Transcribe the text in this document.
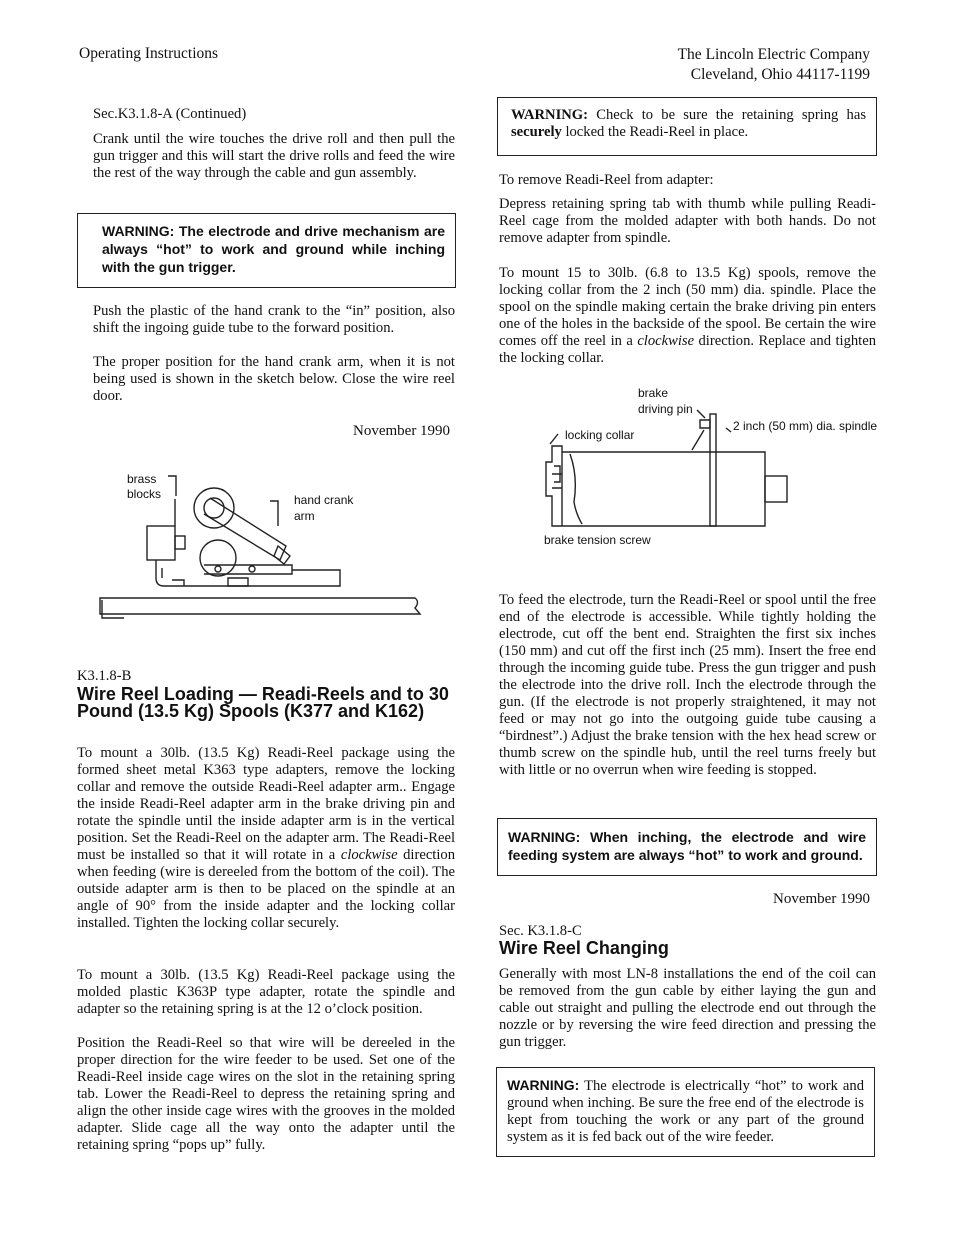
Operating Instructions	The Lincoln Electric Company
Cleveland, Ohio 44117-1199
Sec.K3.1.8-A (Continued)

Crank until the wire touches the drive roll and then pull the gun trigger and this will start the drive rolls and feed the wire the rest of the way through the cable and gun assembly.

WARNING: The electrode and drive mechanism are always “hot” to work and ground while inching with the gun trigger.

Push the plastic of the hand crank to the “in” position, also shift the ingoing guide tube to the forward position.

The proper position for the hand crank arm, when it is not being used is shown in the sketch below. Close the wire reel door.

November 1990
brass
blocks	hand crank
arm
K3.1.8-B
Wire Reel Loading — Readi-Reels and to 30 Pound (13.5 Kg) Spools (K377 and K162)

To mount a 30lb. (13.5 Kg) Readi-Reel package using the formed sheet metal K363 type adapters, remove the locking collar and remove the outside Readi-Reel adapter arm.. Engage the inside Readi-Reel adapter arm in the brake driving pin and rotate the spindle until the inside adapter arm is in the vertical position. Set the Readi-Reel on the adapter arm. The Readi-Reel must be installed so that it will rotate in a clockwise direction when feeding (wire is dereeled from the bottom of the coil). The outside adapter arm is then to be placed on the spindle at an angle of 90° from the inside adapter and the locking collar installed. Tighten the locking collar securely.

To mount a 30lb. (13.5 Kg) Readi-Reel package using the molded plastic K363P type adapter, rotate the spindle and adapter so the retaining spring is at the 12 o’clock position.

Position the Readi-Reel so that wire will be dereeled in the proper direction for the wire feeder to be used. Set one of the Readi-Reel inside cage wires on the slot in the retaining spring tab. Lower the Readi-Reel to depress the retaining spring and align the other inside cage wires with the grooves in the molded adapter. Slide cage all the way onto the adapter until the retaining spring “pops up” fully.

WARNING: Check to be sure the retaining spring has securely locked the Readi-Reel in place.

To remove Readi-Reel from adapter:

Depress retaining spring tab with thumb while pulling Readi-Reel cage from the molded adapter with both hands. Do not remove adapter from spindle.

To mount 15 to 30lb. (6.8 to 13.5 Kg) spools, remove the locking collar from the 2 inch (50 mm) dia. spindle. Place the spool on the spindle making certain the brake driving pin enters one of the holes in the backside of the spool. Be certain the wire comes off the reel in a clockwise direction. Replace and tighten the locking collar.

brake
driving pin
2 inch (50 mm) dia. spindle
locking collar
brake tension screw

To feed the electrode, turn the Readi-Reel or spool until the free end of the electrode is accessible. While tightly holding the electrode, cut off the bent end. Straighten the first six inches (150 mm) and cut off the first inch (25 mm). Insert the free end through the incoming guide tube. Press the gun trigger and push the electrode into the drive roll. Inch the electrode through the gun. (If the electrode is not properly straightened, it may not feed or may not go into the outgoing guide tube causing a “birdnest”.) Adjust the brake tension with the hex head screw or thumb screw on the spindle hub, until the reel turns freely but with little or no overrun when wire feeding is stopped.

WARNING: When inching, the electrode and wire feeding system are always “hot” to work and ground.

November 1990
Sec. K3.1.8-C
Wire Reel Changing

Generally with most LN-8 installations the end of the coil can be removed from the gun cable by either laying the gun and cable out straight and pulling the electrode end out through the nozzle or by reversing the wire feed direction and pressing the gun trigger.

WARNING: The electrode is electrically “hot” to work and ground when inching. Be sure the free end of the electrode is kept from touching the work or any part of the ground system as it is fed back out of the wire feeder.
